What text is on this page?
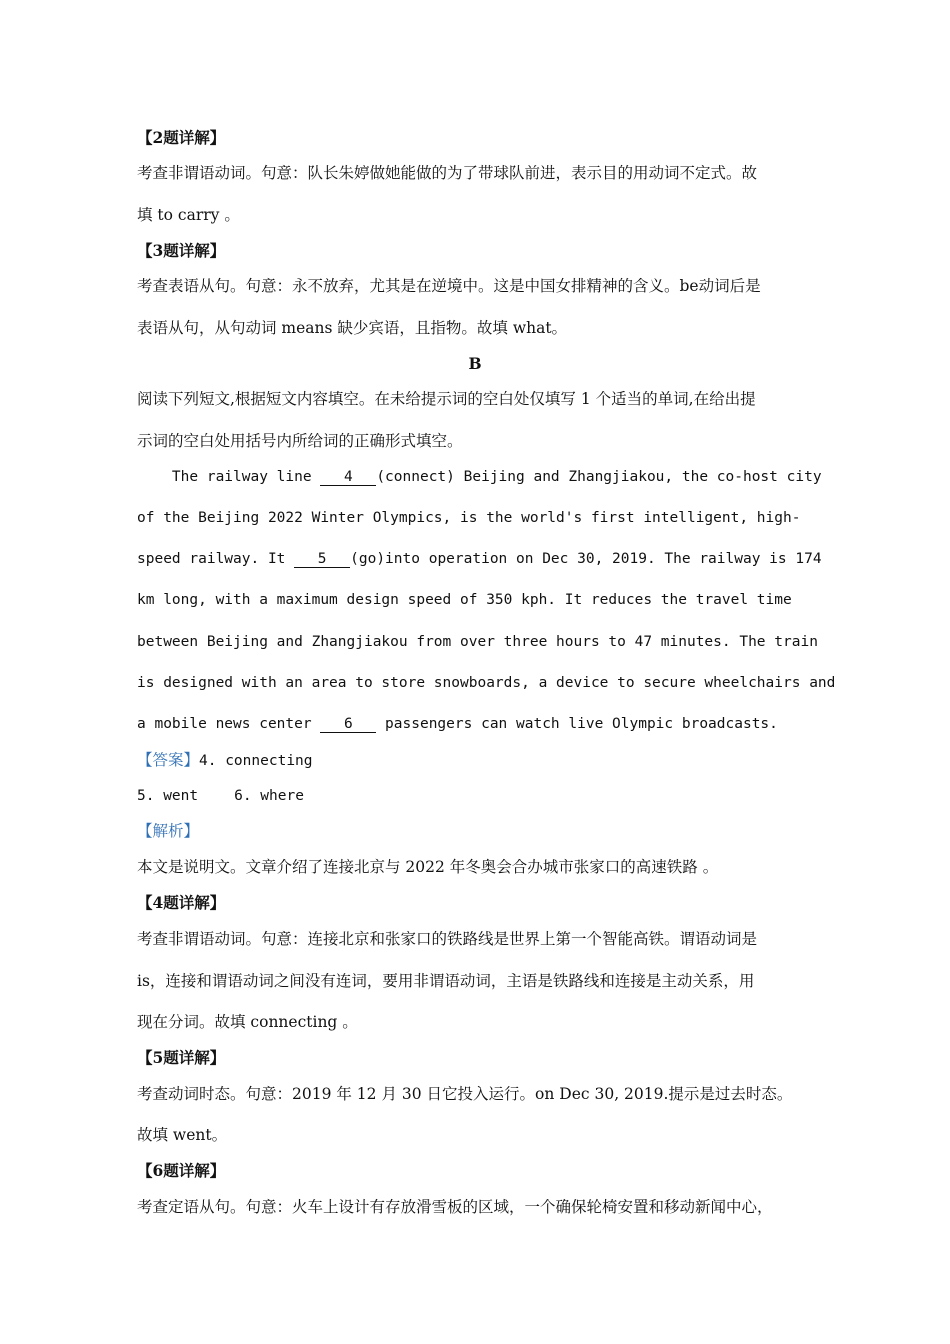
【2题详解】
考查非谓语动词。句意：队长朱婷做她能做的为了带球队前进，表示目的用动词不定式。故
填 to carry 。
【3题详解】
考查表语从句。句意：永不放弃，尤其是在逆境中。这是中国女排精神的含义。be动词后是
表语从句，从句动词 means 缺少宾语，且指物。故填 what。
B
阅读下列短文,根据短文内容填空。在未给提示词的空白处仅填写 1 个适当的单词,在给出提
示词的空白处用括号内所给词的正确形式填空。
The railway line 4 (connect) Beijing and Zhangjiakou, the co-host city
of the Beijing 2022 Winter Olympics, is the world's first intelligent, high-
speed railway. It 5 (go)into operation on Dec 30, 2019. The railway is 174
km long, with a maximum design speed of 350 kph. It reduces the travel time
between Beijing and Zhangjiakou from over three hours to 47 minutes. The train
is designed with an area to store snowboards, a device to secure wheelchairs and
a mobile news center 6 passengers can watch live Olympic broadcasts.
【答案】4. connecting
5. went 6. where
【解析】
本文是说明文。文章介绍了连接北京与 2022 年冬奥会合办城市张家口的高速铁路 。
【4题详解】
考查非谓语动词。句意：连接北京和张家口的铁路线是世界上第一个智能高铁。谓语动词是
is，连接和谓语动词之间没有连词，要用非谓语动词，主语是铁路线和连接是主动关系，用
现在分词。故填 connecting 。
【5题详解】
考查动词时态。句意：2019 年 12 月 30 日它投入运行。on Dec 30, 2019.提示是过去时态。
故填 went。
【6题详解】
考查定语从句。句意：火车上设计有存放滑雪板的区域，一个确保轮椅安置和移动新闻中心，
